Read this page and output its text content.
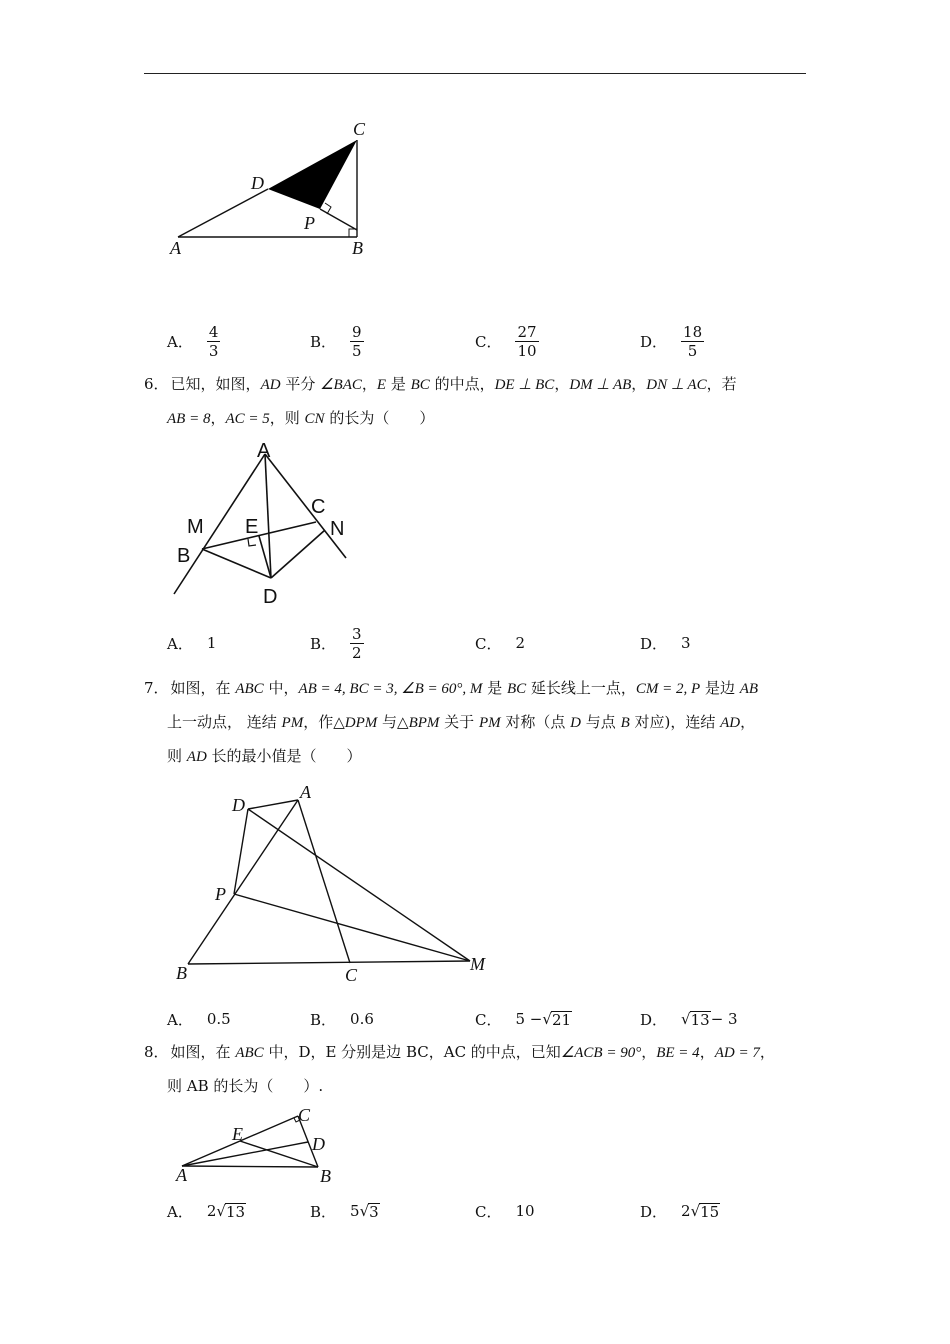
C
D
P
A	B
A． $\frac{4}{3}$	B． $\frac{9}{5}$	C． $\frac{27}{10}$	D． $\frac{18}{5}$
6． 已知，如图，AD 平分 ∠BAC，E 是 BC 的中点，DE ⊥ BC，DM ⊥ AB，DN ⊥ AC，若
AB = 8，AC = 5，则 CN 的长为（　　）
A
M E
C
N
B
D
A． 1	B． $\frac{3}{2}$	C． 2	D． 3
7． 如图，在 ABC 中，AB = 4, BC = 3, ∠B = 60°, M 是 BC 延长线上一点，CM = 2, P 是边 AB
上一动点， 连结 PM，作△DPM 与△BPM 关于 PM 对称（点 D 与点 B 对应)，连结 AD，
则 AD 长的最小值是（　　）
D
A
P
B	C
M
A． 0.5	B． 0.6	C． 5 − √ 21	D． √ 13 − 3
8． 如图，在 ABC 中，D，E 分别是边 BC，AC 的中点，已知∠ACB = 90°，BE = 4，AD = 7，
则 AB 的长为（　　）.
C
E	D
A	B
A． 2 √ 13	B． 5 √ 3	C． 10	D． 2 √ 15
